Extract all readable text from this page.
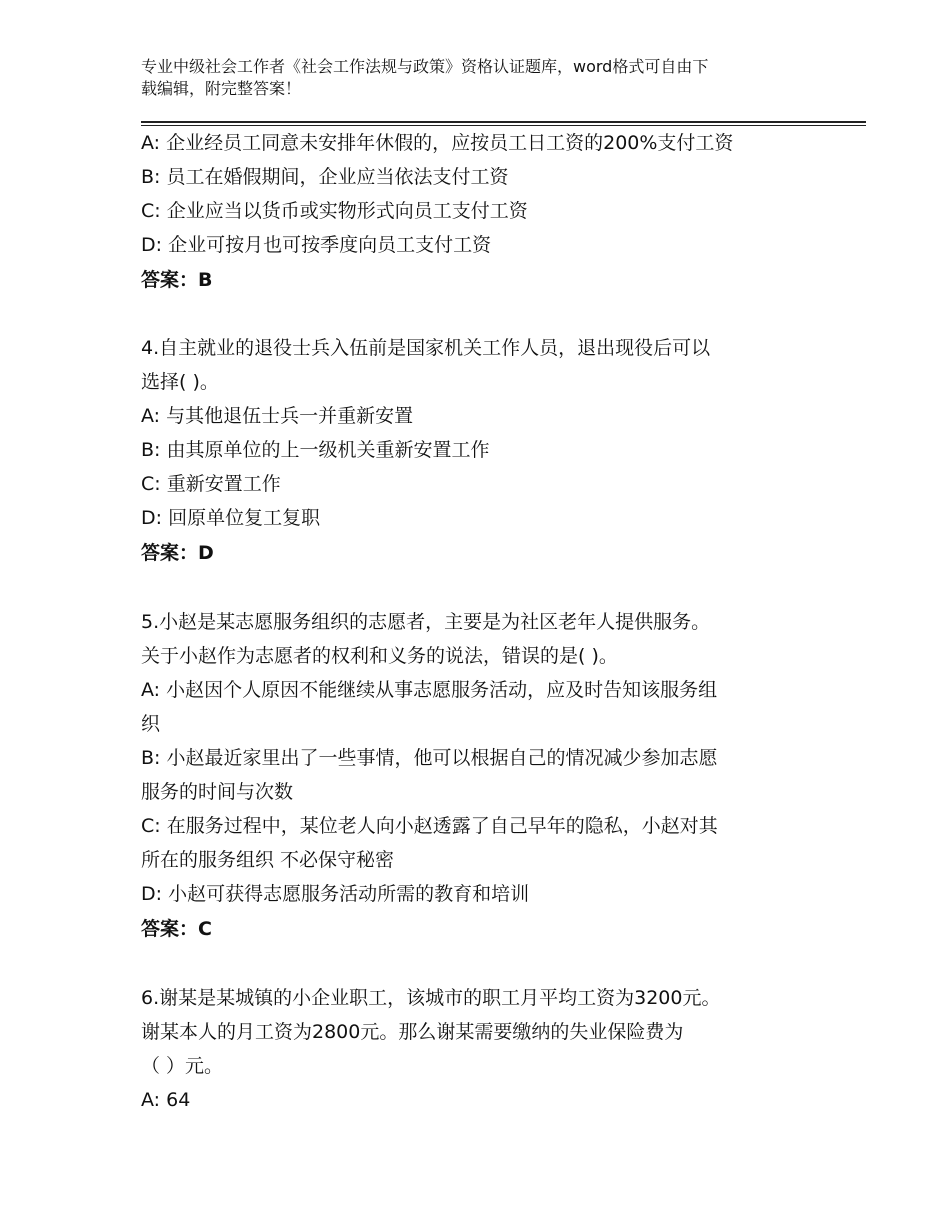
专业中级社会工作者《社会工作法规与政策》资格认证题库，word格式可自由下
载编辑，附完整答案！
A: 企业经员工同意未安排年休假的，应按员工日工资的200%支付工资
B: 员工在婚假期间，企业应当依法支付工资
C: 企业应当以货币或实物形式向员工支付工资
D: 企业可按月也可按季度向员工支付工资
答案：B
4.自主就业的退役士兵入伍前是国家机关工作人员，退出现役后可以
选择( )。
A: 与其他退伍士兵一并重新安置
B: 由其原单位的上一级机关重新安置工作
C: 重新安置工作
D: 回原单位复工复职
答案：D
5.小赵是某志愿服务组织的志愿者，主要是为社区老年人提供服务。
关于小赵作为志愿者的权利和义务的说法，错误的是( )。
A: 小赵因个人原因不能继续从事志愿服务活动，应及时告知该服务组
织
B: 小赵最近家里出了一些事情，他可以根据自己的情况减少参加志愿
服务的时间与次数
C: 在服务过程中，某位老人向小赵透露了自己早年的隐私，小赵对其
所在的服务组织 不必保守秘密
D: 小赵可获得志愿服务活动所需的教育和培训
答案：C
6.谢某是某城镇的小企业职工，该城市的职工月平均工资为3200元。
谢某本人的月工资为2800元。那么谢某需要缴纳的失业保险费为
（ ）元。
A: 64
